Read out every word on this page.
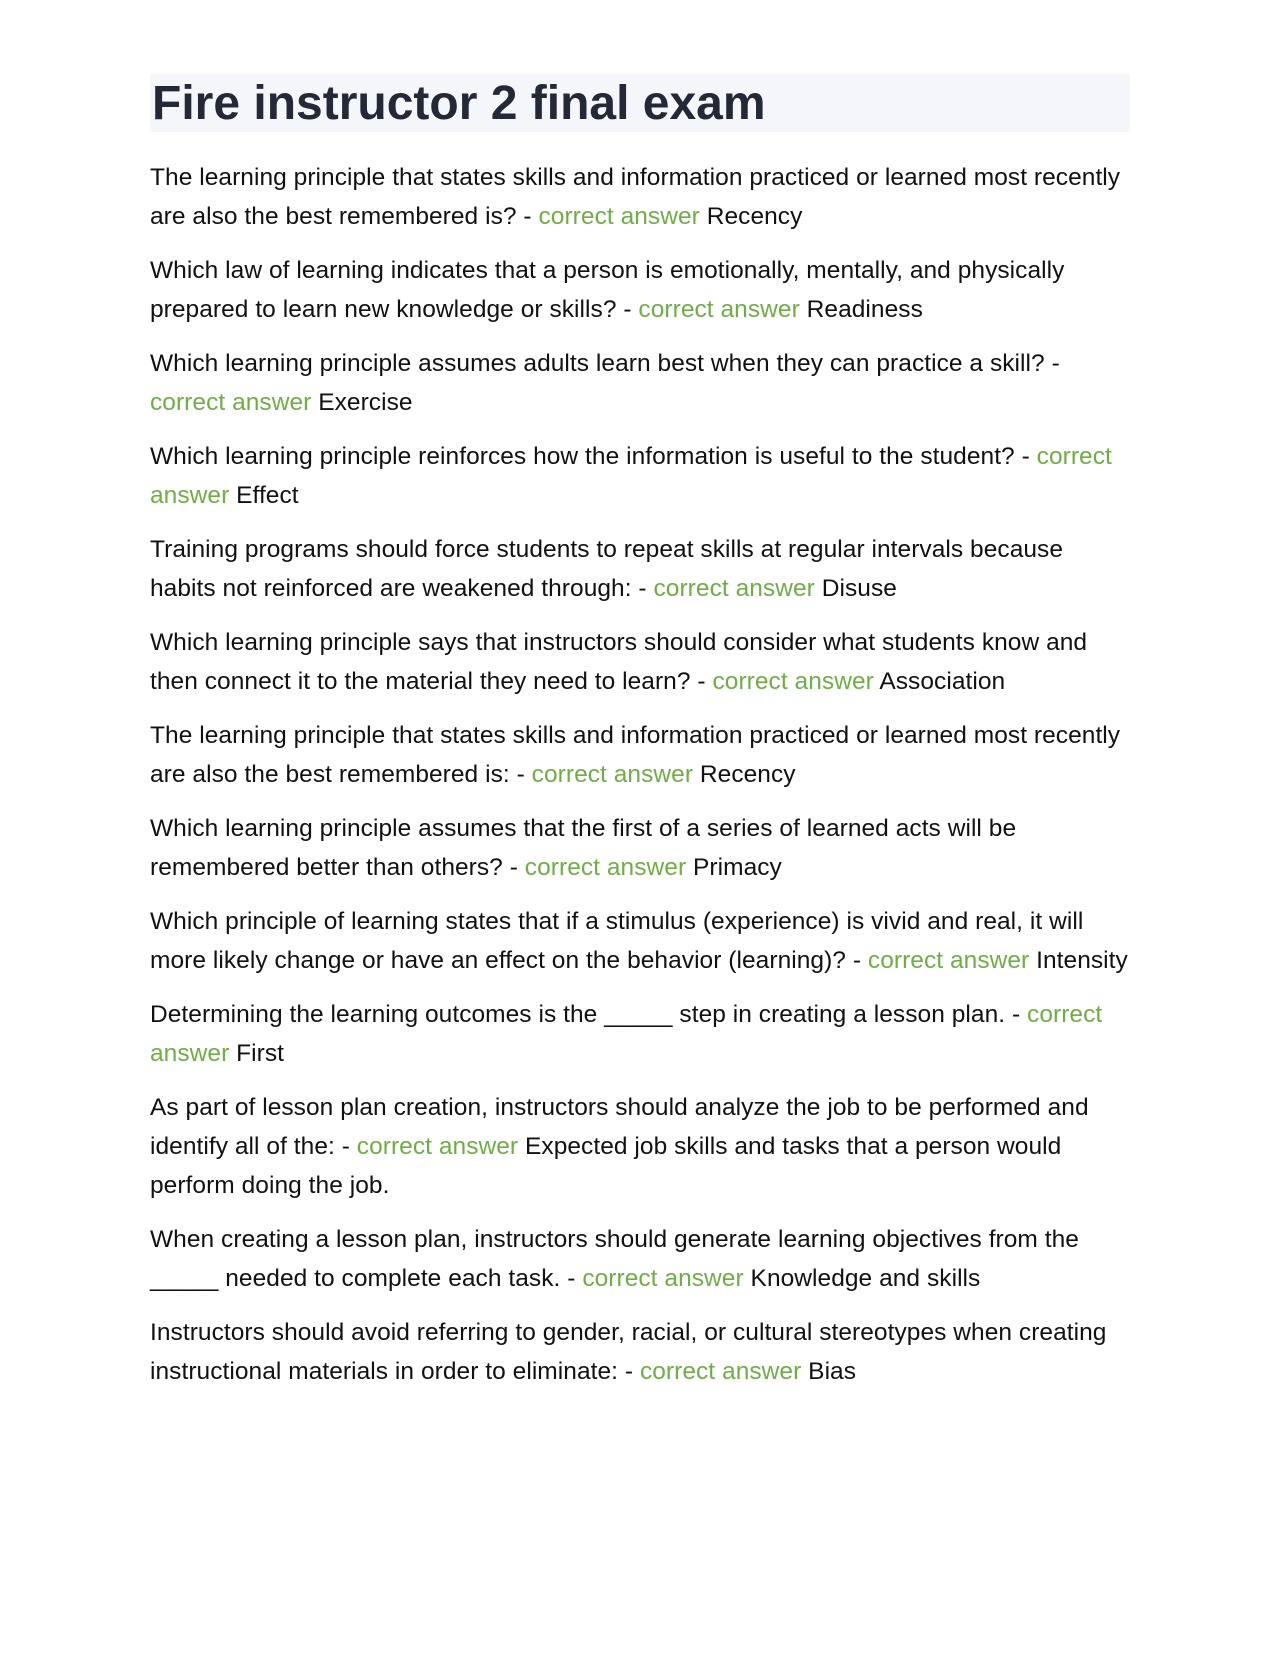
Fire instructor 2 final exam

The learning principle that states skills and information practiced or learned most recently are also the best remembered is? - correct answer Recency

Which law of learning indicates that a person is emotionally, mentally, and physically prepared to learn new knowledge or skills? - correct answer Readiness

Which learning principle assumes adults learn best when they can practice a skill? - correct answer Exercise

Which learning principle reinforces how the information is useful to the student? - correct answer Effect

Training programs should force students to repeat skills at regular intervals because habits not reinforced are weakened through: - correct answer Disuse

Which learning principle says that instructors should consider what students know and then connect it to the material they need to learn? - correct answer Association

The learning principle that states skills and information practiced or learned most recently are also the best remembered is: - correct answer Recency

Which learning principle assumes that the first of a series of learned acts will be remembered better than others? - correct answer Primacy

Which principle of learning states that if a stimulus (experience) is vivid and real, it will more likely change or have an effect on the behavior (learning)? - correct answer Intensity

Determining the learning outcomes is the _____ step in creating a lesson plan. - correct answer First

As part of lesson plan creation, instructors should analyze the job to be performed and identify all of the: - correct answer Expected job skills and tasks that a person would perform doing the job.

When creating a lesson plan, instructors should generate learning objectives from the _____ needed to complete each task. - correct answer Knowledge and skills

Instructors should avoid referring to gender, racial, or cultural stereotypes when creating instructional materials in order to eliminate: - correct answer Bias
